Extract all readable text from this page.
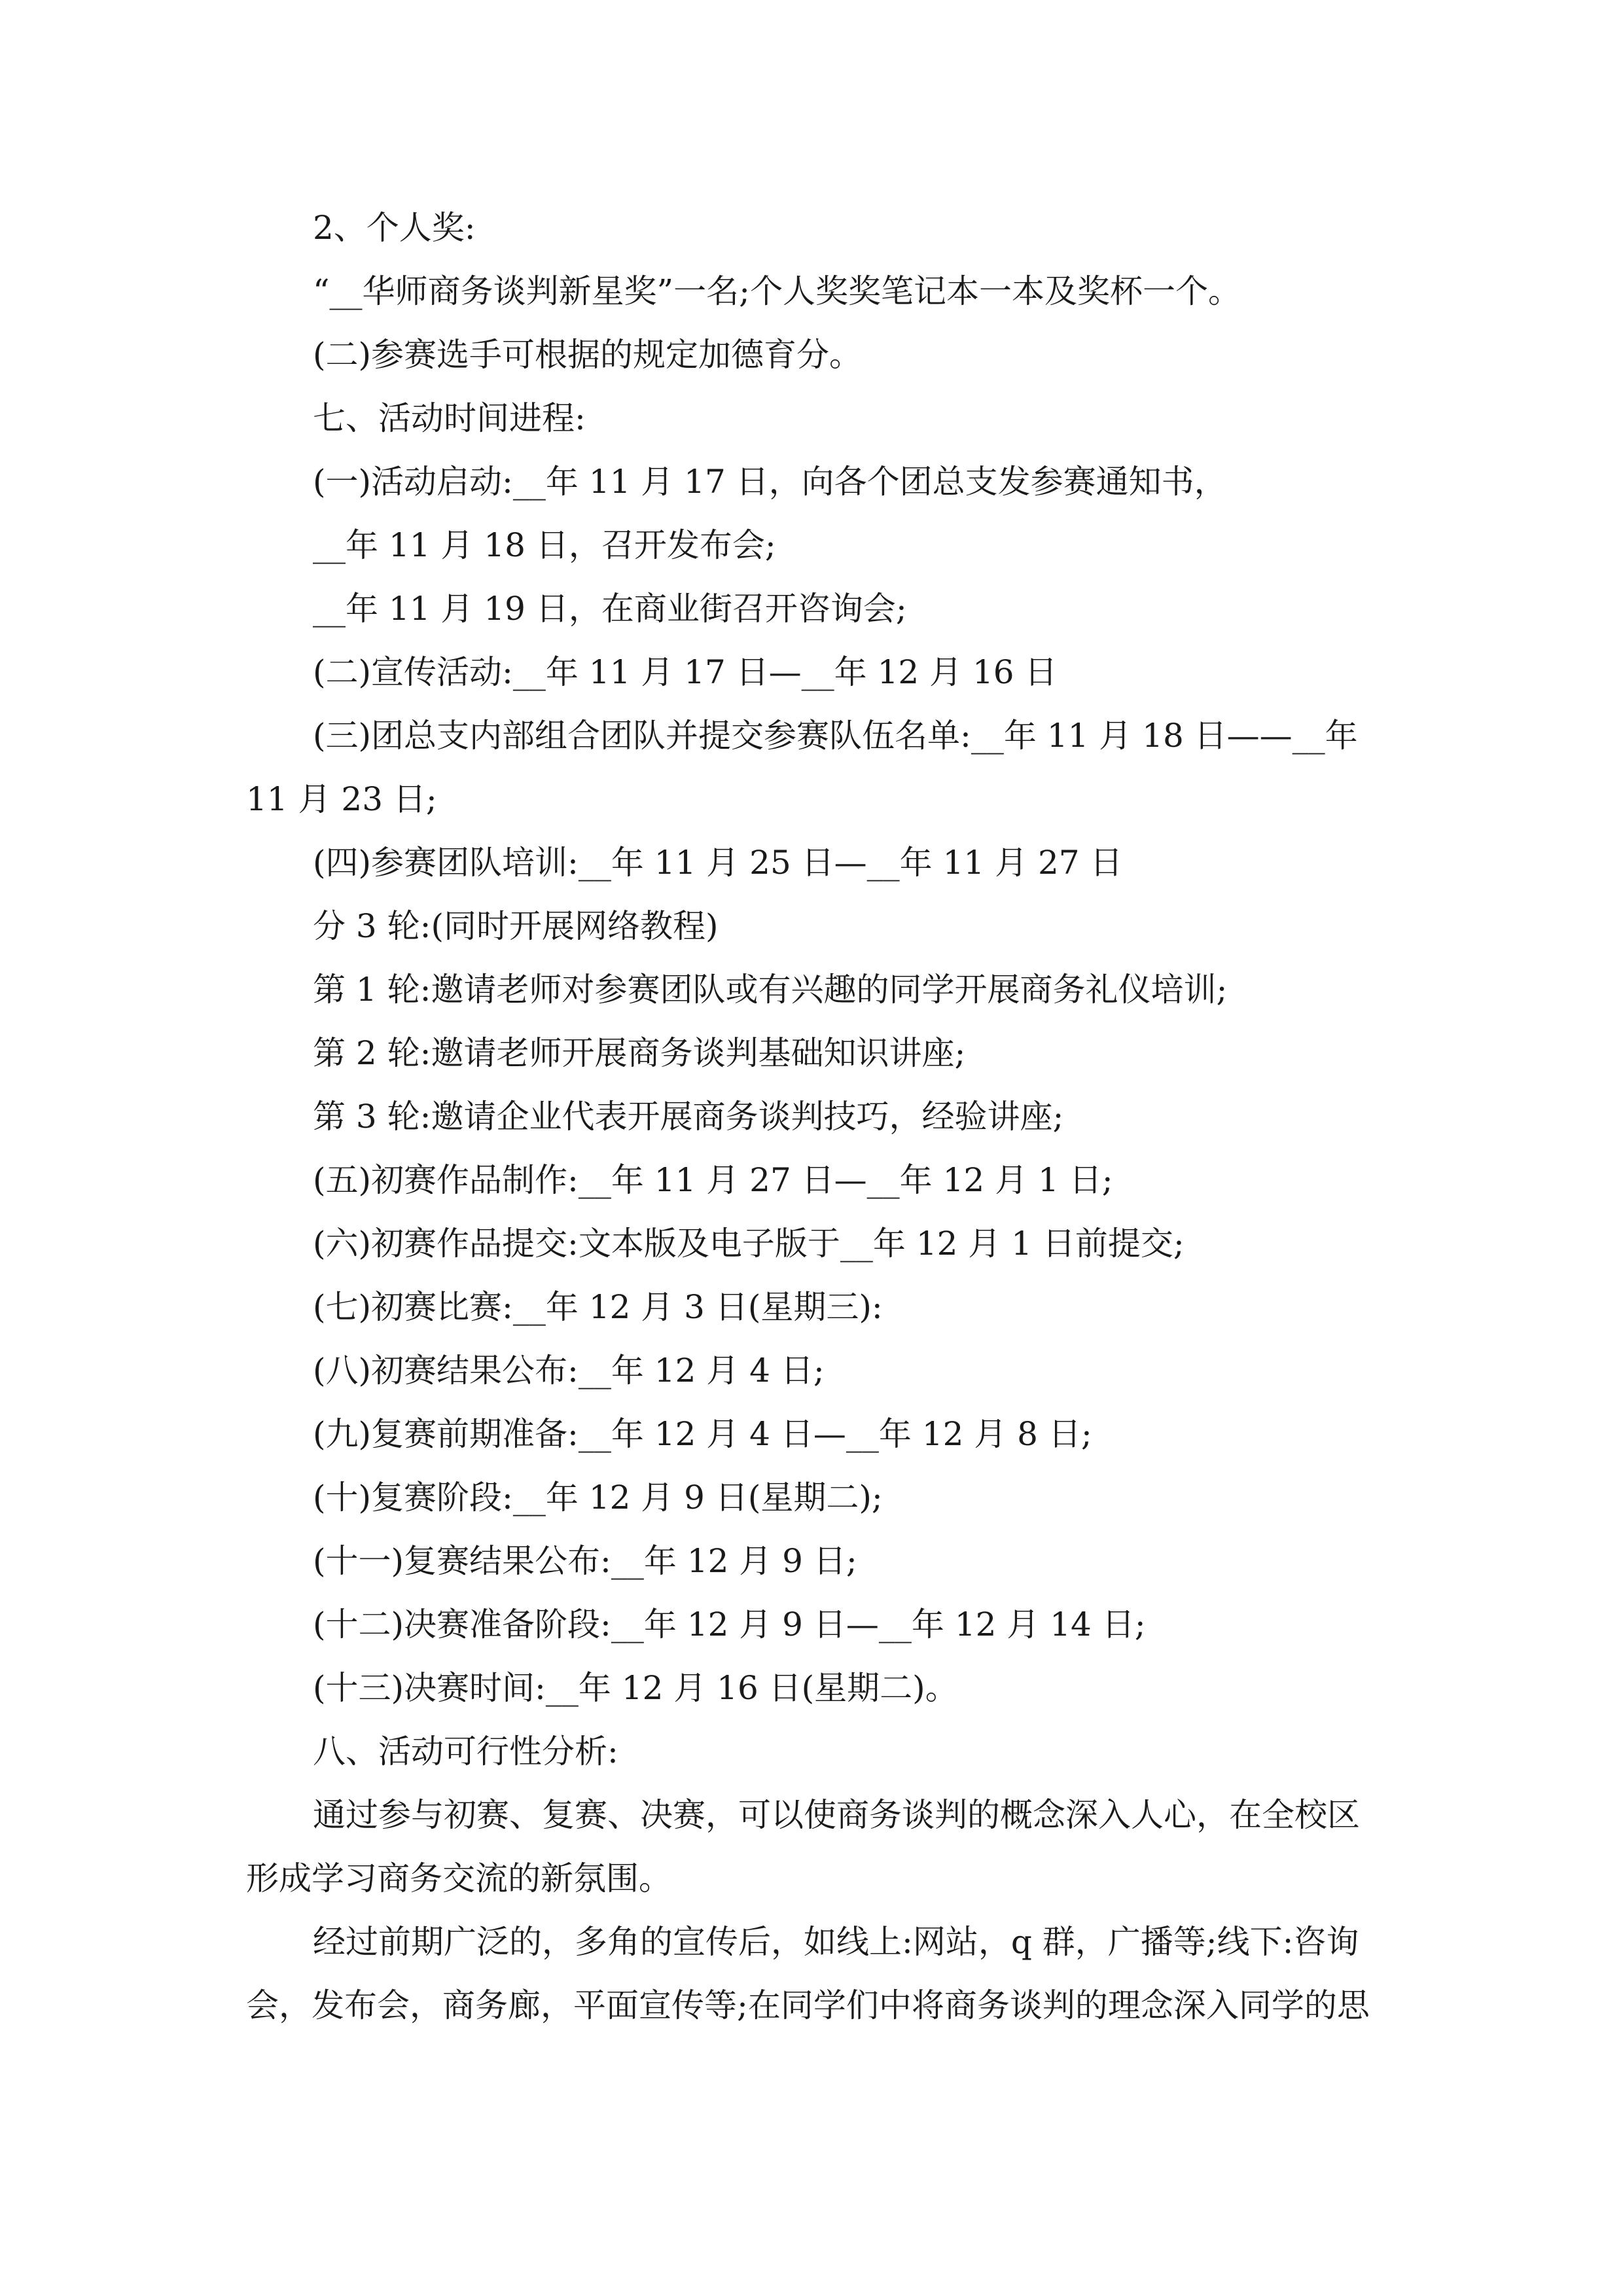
2、个人奖:

“__华师商务谈判新星奖”一名;个人奖奖笔记本一本及奖杯一个。

(二)参赛选手可根据的规定加德育分。

七、活动时间进程:

(一)活动启动:__年 11 月 17 日，向各个团总支发参赛通知书，

__年 11 月 18 日，召开发布会;

__年 11 月 19 日，在商业街召开咨询会;

(二)宣传活动:__年 11 月 17 日—__年 12 月 16 日

(三)团总支内部组合团队并提交参赛队伍名单:__年 11 月 18 日——__年 11 月 23 日;

(四)参赛团队培训:__年 11 月 25 日—__年 11 月 27 日

分 3 轮:(同时开展网络教程)

第 1 轮:邀请老师对参赛团队或有兴趣的同学开展商务礼仪培训;

第 2 轮:邀请老师开展商务谈判基础知识讲座;

第 3 轮:邀请企业代表开展商务谈判技巧，经验讲座;

(五)初赛作品制作:__年 11 月 27 日—__年 12 月 1 日;

(六)初赛作品提交:文本版及电子版于__年 12 月 1 日前提交;

(七)初赛比赛:__年 12 月 3 日(星期三):

(八)初赛结果公布:__年 12 月 4 日;

(九)复赛前期准备:__年 12 月 4 日—__年 12 月 8 日;

(十)复赛阶段:__年 12 月 9 日(星期二);

(十一)复赛结果公布:__年 12 月 9 日;

(十二)决赛准备阶段:__年 12 月 9 日—__年 12 月 14 日;

(十三)决赛时间:__年 12 月 16 日(星期二)。

八、活动可行性分析:

通过参与初赛、复赛、决赛，可以使商务谈判的概念深入人心，在全校区形成学习商务交流的新氛围。

经过前期广泛的，多角的宣传后，如线上:网站，q 群，广播等;线下:咨询会，发布会，商务廊，平面宣传等;在同学们中将商务谈判的理念深入同学的思
